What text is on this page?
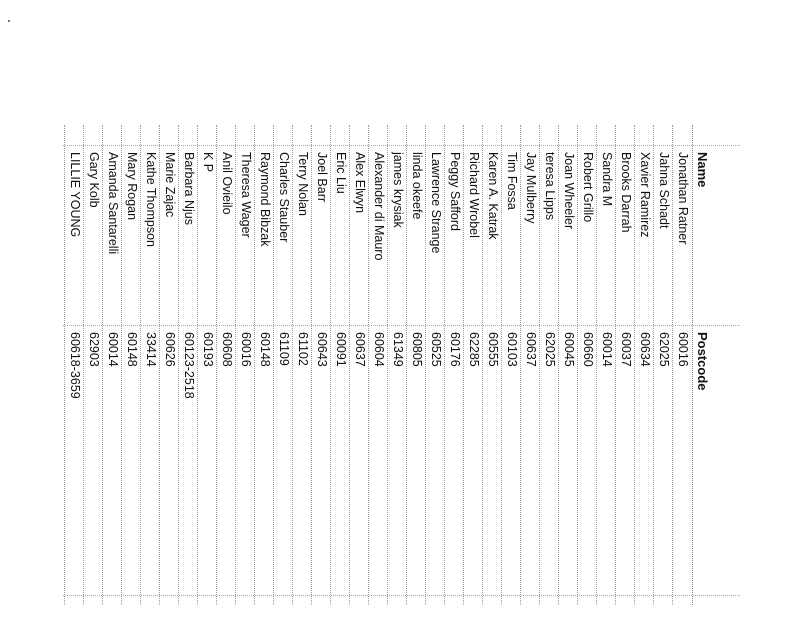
Name
Postcode
Jonathan Ratner
60016
Jahna Schadt
62025
Xavier Ramirez
60634
Brooks Darrah
60037
Sandra M
60014
Robert Grillo
60660
Joan Wheeler
60045
teresa Lipps
62025
Jay Mulberry
60637
Tim Fossa
60103
Karen A. Katrak
60555
Richard Wrobel
62285
Peggy Safford
60176
Lawrence Strange
60525
linda okeefe
60805
james krysiak
61349
Alexander di Mauro
60604
Alex Elwyn
60637
Eric Liu
60091
Joel Barr
60643
Terry Nolan
61102
Charles Stauber
61109
Raymond Bibzak
60148
Theresa Wager
60016
Anil Ovieilo
60608
K P
60193
Barbara Njus
60123-2518
Marie Zajac
60626
Kathe Thompson
33414
Mary Rogan
60148
Amanda Santarelli
60014
Gary Kolb
62903
LILLIE YOUNG
60618-3659
